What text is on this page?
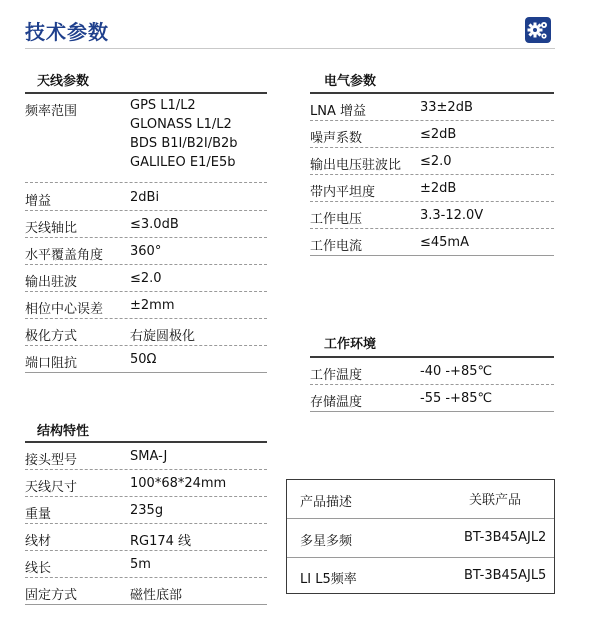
技术参数
天线参数
频率范围	GPS L1/L2
GLONASS L1/L2
BDS B1I/B2I/B2b
GALILEO E1/E5b
增益	2dBi
天线轴比	≤3.0dB
水平覆盖角度 360°
输出驻波	≤2.0
相位中心误差 ±2mm
极化方式	右旋圆极化
端口阻抗	50Ω
电气参数
LNA 增益	33±2dB
噪声系数	≤2dB
输出电压驻波比 ≤2.0
带内平坦度	±2dB
工作电压	3.3-12.0V
工作电流	≤45mA
工作环境
工作温度	-40 -+85℃
存储温度	-55 -+85℃
结构特性
接头型号	SMA-J
天线尺寸	100*68*24mm
重量	235g
线材	RG174 线
线长	5m
固定方式	磁性底部
产品描述	关联产品
多星多频	BT-3B45AJL2
LI L5频率	BT-3B45AJL5
